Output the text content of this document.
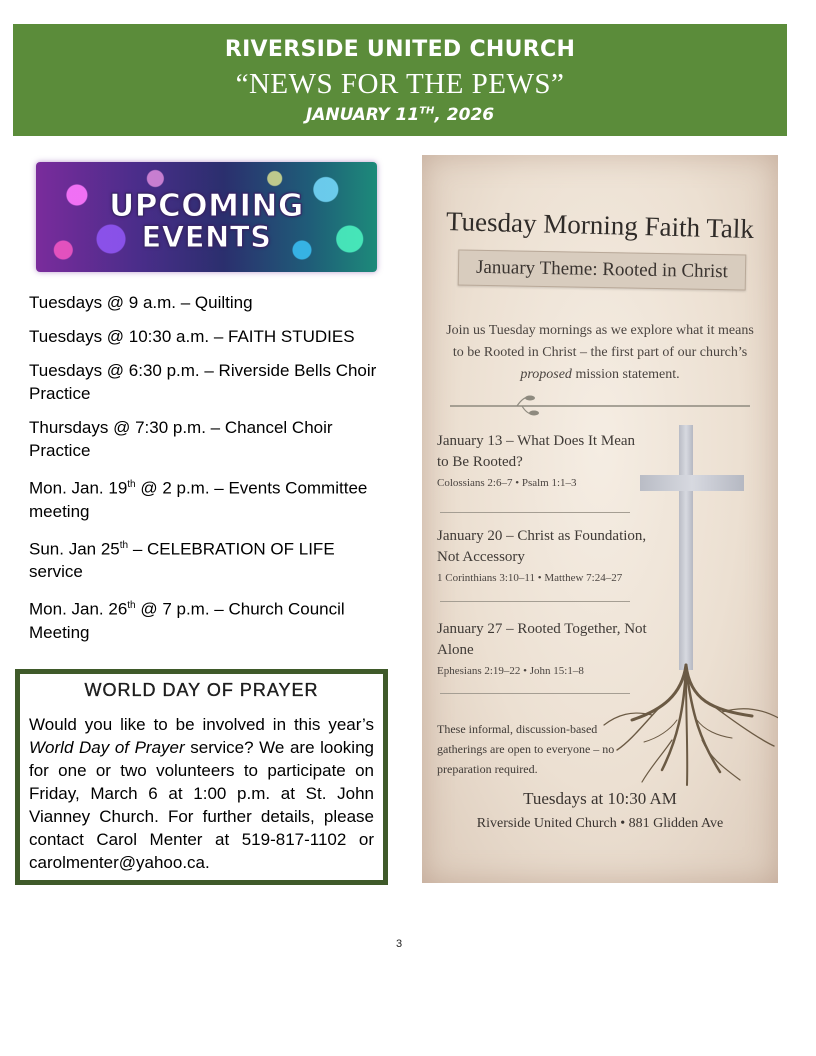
RIVERSIDE UNITED CHURCH
“NEWS FOR THE PEWS”
JANUARY 11TH, 2026
UPCOMING
EVENTS
Tuesdays @ 9 a.m. – Quilting
Tuesdays @ 10:30 a.m. – FAITH STUDIES
Tuesdays @ 6:30 p.m. – Riverside Bells Choir Practice
Thursdays @ 7:30 p.m. – Chancel Choir Practice
Mon. Jan. 19th @ 2 p.m. – Events Committee meeting
Sun. Jan 25th – CELEBRATION OF LIFE service
Mon. Jan. 26th @ 7 p.m. – Church Council Meeting
WORLD DAY OF PRAYER
Would you like to be involved in this year’s World Day of Prayer service? We are looking for one or two volunteers to participate on Friday, March 6 at 1:00 p.m. at St. John Vianney Church. For further details, please contact Carol Menter at 519-817-1102 or carolmenter@yahoo.ca.
Tuesday Morning Faith Talk
January Theme: Rooted in Christ
Join us Tuesday mornings as we explore what it means to be Rooted in Christ – the first part of our church’s proposed mission statement.
January 13 – What Does It Mean to Be Rooted?
Colossians 2:6–7 • Psalm 1:1–3
January 20 – Christ as Foundation, Not Accessory
1 Corinthians 3:10–11 • Matthew 7:24–27
January 27 – Rooted Together, Not Alone
Ephesians 2:19–22 • John 15:1–8
These informal, discussion-based gatherings are open to everyone – no preparation required.
Tuesdays at 10:30 AM
Riverside United Church • 881 Glidden Ave
3
